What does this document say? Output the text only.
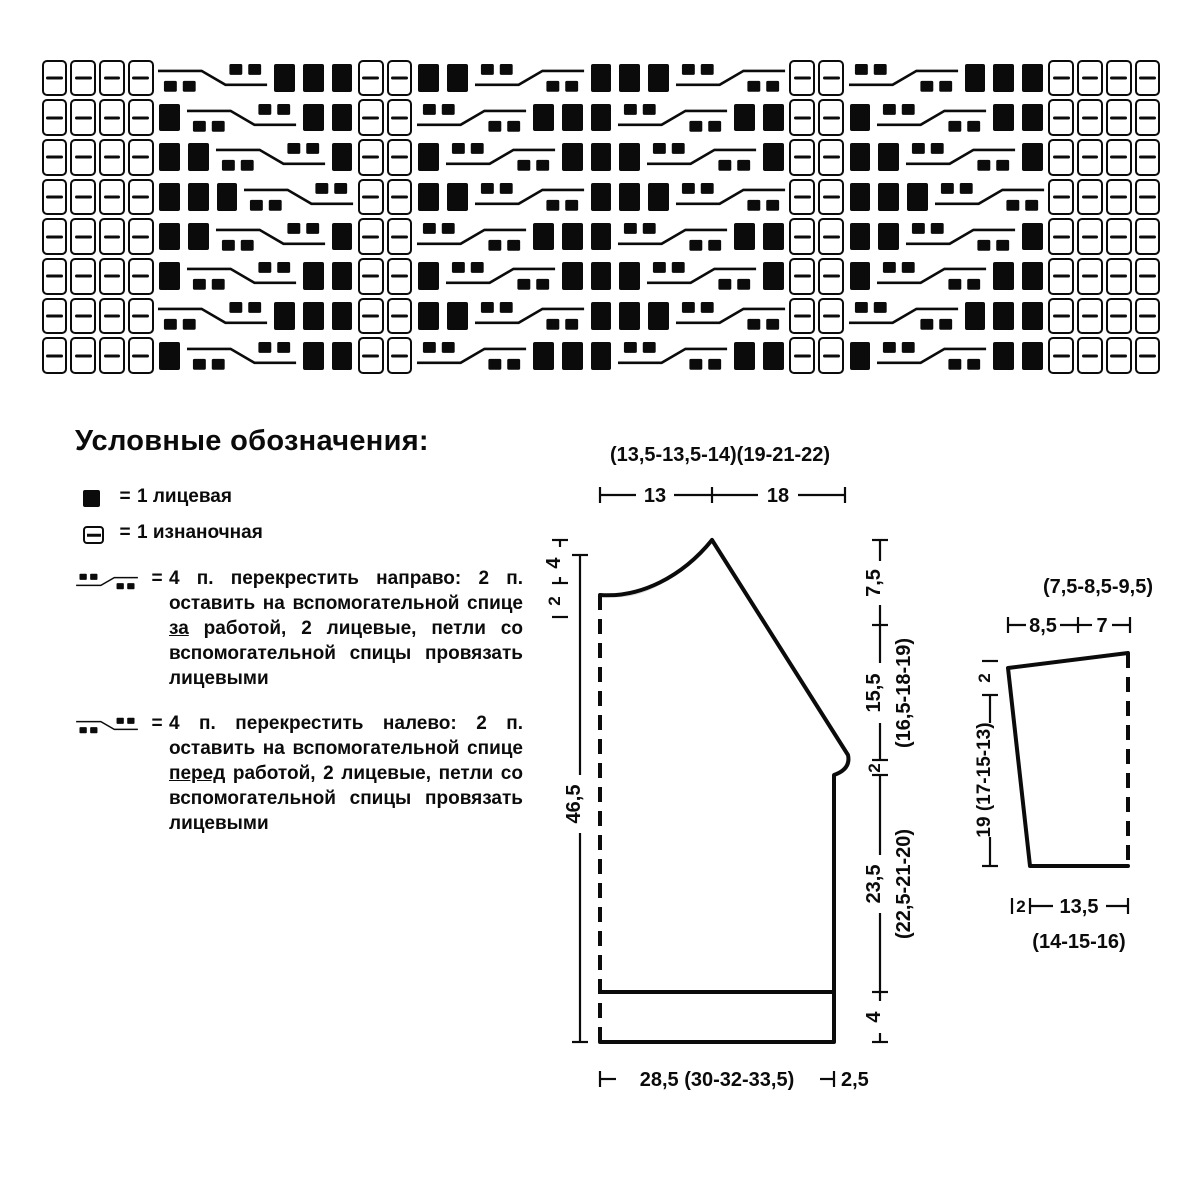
Условные обозначения:
= 1 лицевая
= 1 изнаночная
= 4 п. перекрестить направо: 2 п. оставить на вспомогательной спице за работой, 2 лицевые, петли со вспомогательной спицы провязать лицевыми
= 4 п. перекрестить налево: 2 п. оставить на вспомогательной спице перед работой, 2 лицевые, петли со вспомогательной спицы провязать лицевыми
(13,5-13,5-14)(19-21-22)
13	18
4
2
46,5
7,5
15,5 (16,5-18-19)
2
23,5 (22,5-21-20)
4
28,5 (30-32-33,5) 2,5
(7,5-8,5-9,5)
8,5 7
2
19 (17-15-13)
2 13,5
(14-15-16)
